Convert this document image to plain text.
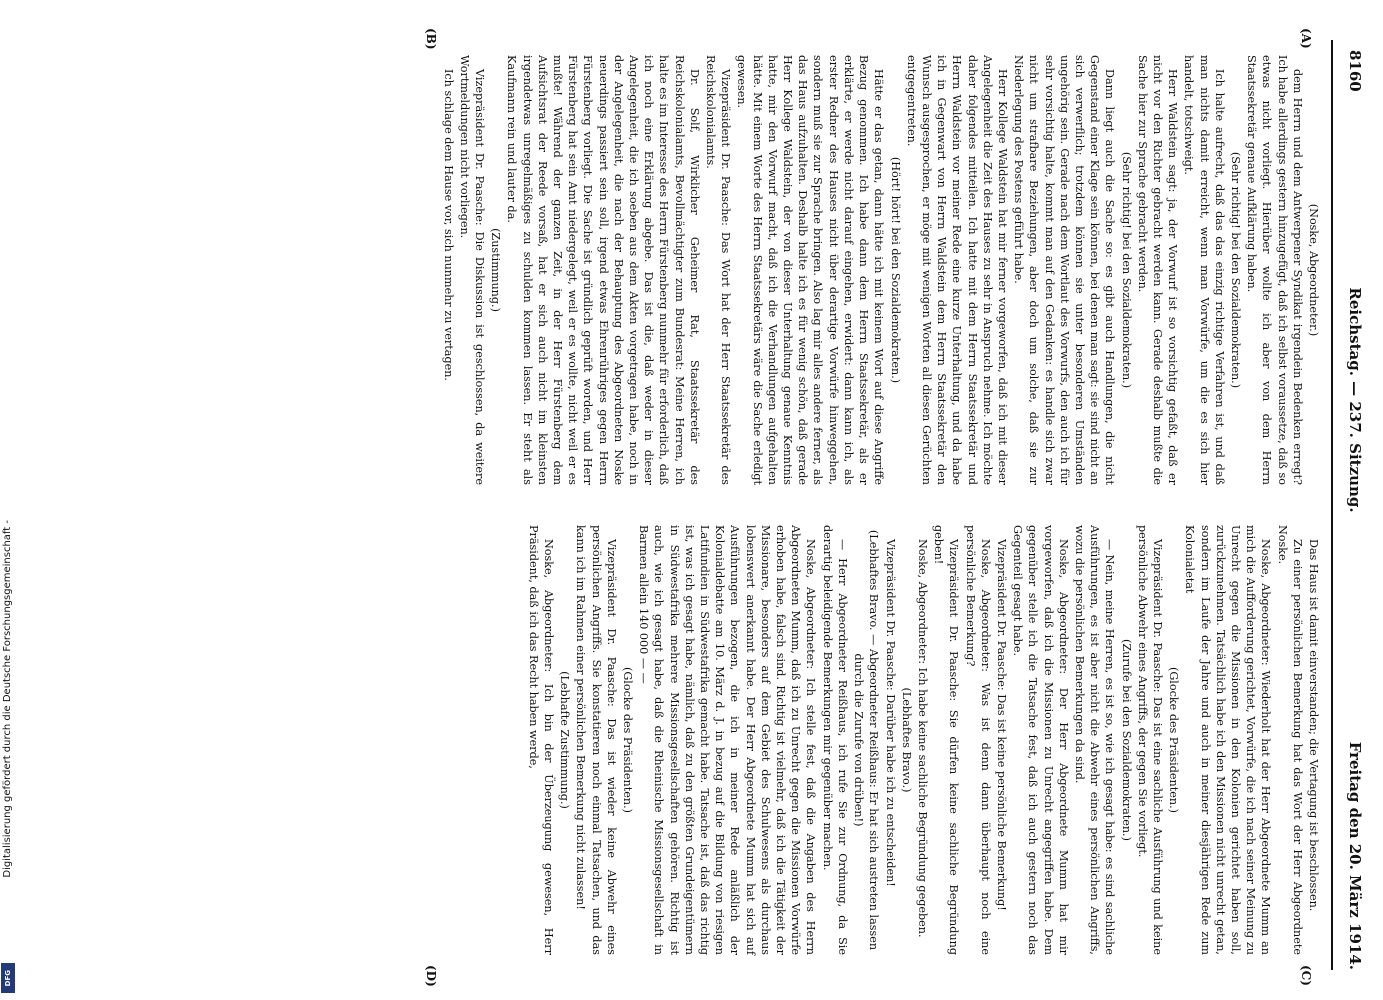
Digitalisierung gefördert durch die Deutsche Forschungsgemeinschaft -
DFG
8160
Reichstag. — 237. Sitzung.
Freitag den 20. März 1914.
(A)
(B)
(C)
(D)

(Noske, Abgeordneter.)

dem Herrn und dem Antwerpener Syndikat irgendein Bedenken erregt? Ich habe allerdings gestern hinzugefügt, daß ich selbst voraussetze, daß so etwas nicht vorliegt. Hierüber wollte ich aber von dem Herrn Staatssekretär genaue Aufklärung haben.

(Sehr richtig! bei den Sozialdemokraten.)

Ich halte aufrecht, daß das das einzig richtige Verfahren ist, und daß man nichts damit erreicht, wenn man Vorwürfe, um die es sich hier handelt, totschweigt.

Herr Waldstein sagt: ja, der Vorwurf ist so vorsichtig gefaßt, daß er nicht vor den Richter gebracht werden kann. Gerade deshalb mußte die Sache hier zur Sprache gebracht werden.

(Sehr richtig! bei den Sozialdemokraten.)

Dann liegt auch die Sache so: es gibt auch Handlungen, die nicht Gegenstand einer Klage sein können, bei denen man sagt: sie sind nicht an sich verwerflich; trotzdem können sie unter besonderen Umständen ungehörig sein. Gerade nach dem Wortlaut des Vorwurfs, den auch ich für sehr vorsichtig halte, kommt man auf den Gedanken: es handle sich zwar nicht um strafbare Beziehungen, aber doch um solche, daß sie zur Niederlegung des Postens geführt habe.

Herr Kollege Waldstein hat mir ferner vorgeworfen, daß ich mit dieser Angelegenheit die Zeit des Hauses zu sehr in Anspruch nehme. Ich möchte daher folgendes mitteilen. Ich hatte mit dem Herrn Staatssekretär und Herrn Waldstein vor meiner Rede eine kurze Unterhaltung, und da habe ich in Gegenwart von Herrn Waldstein dem Herrn Staatssekretär den Wunsch ausgesprochen, er möge mit wenigen Worten all diesen Gerüchten entgegentreten.

(Hört! hört! bei den Sozialdemokraten.)

Hätte er das getan, dann hätte ich mit keinem Wort auf diese Angriffe Bezug genommen. Ich habe dann dem Herrn Staatssekretär, als er erklärte, er werde nicht darauf eingehen, erwidert: dann kann ich, als erster Redner des Hauses nicht über derartige Vorwürfe hinweggehen, sondern muß sie zur Sprache bringen. Also lag mir alles andere ferner, als das Haus aufzuhalten. Deshalb halte ich es für wenig schön, daß gerade Herr Kollege Waldstein, der von dieser Unterhaltung genaue Kenntnis hatte, mir den Vorwurf macht, daß ich die Verhandlungen aufgehalten hätte. Mit einem Worte des Herrn Staatssekretärs wäre die Sache erledigt gewesen.

Vizepräsident Dr. Paasche: Das Wort hat der Herr Staatssekretär des Reichskolonialamts.

Dr. Solf, Wirklicher Geheimer Rat, Staatssekretär des Reichskolonialamts, Bevollmächtigter zum Bundesrat: Meine Herren, ich halte es im Interesse des Herrn Fürstenberg nunmehr für erforderlich, daß ich noch eine Erklärung abgebe. Das ist die, daß weder in dieser Angelegenheit, die ich soeben aus dem Akten vorgetragen habe, noch in der Angelegenheit, die nach der Behauptung des Abgeordneten Noske neuerdings passiert sein soll, irgend etwas Ehrenrühriges gegen Herrn Fürstenberg vorliegt. Die Sache ist gründlich geprüft worden, und Herr Fürstenberg hat sein Amt niedergelegt, weil er es wollte, nicht weil er es mußte! Während der ganzen Zeit, in der Herr Fürstenberg dem Aufsichtsrat der Reede vorsaß, hat er sich auch nicht im kleinsten irgendetwas unregelmäßiges zu schulden kommen lassen. Er steht als Kaufmann rein und lauter da.

(Zustimmung.)

Vizepräsident Dr. Paasche: Die Diskussion ist geschlossen, da weitere Wortmeldungen nicht vorliegen.

Ich schlage dem Hause vor, sich nunmehr zu vertagen.

Das Haus ist damit einverstanden; die Vertagung ist beschlossen.

Zu einer persönlichen Bemerkung hat das Wort der Herr Abgeordnete Noske.

Noske, Abgeordneter: Wiederholt hat der Herr Abgeordnete Mumm an mich die Aufforderung gerichtet, Vorwürfe, die ich nach seiner Meinung zu Unrecht gegen die Missionen in den Kolonien gerichtet haben soll, zurückzunehmen. Tatsächlich habe ich den Missionen nicht unrecht getan, sondern im Laufe der Jahre und auch in meiner diesjährigen Rede zum Kolonialetat

(Glocke des Präsidenten.)

Vizepräsident Dr. Paasche: Das ist eine sachliche Ausführung und keine persönliche Abwehr eines Angriffs, der gegen Sie vorliegt.

(Zurufe bei den Sozialdemokraten.)

— Nein, meine Herren, es ist so, wie ich gesagt habe: es sind sachliche Ausführungen, es ist aber nicht die Abwehr eines persönlichen Angriffs, wozu die persönlichen Bemerkungen da sind.

Noske, Abgeordneter: Der Herr Abgeordnete Mumm hat mir vorgeworfen, daß ich die Missionen zu Unrecht angegriffen habe. Dem gegenüber stelle ich die Tatsache fest, daß ich auch gestern noch das Gegenteil gesagt habe.

Vizepräsident Dr. Paasche: Das ist keine persönliche Bemerkung!

Noske, Abgeordneter: Was ist denn dann überhaupt noch eine persönliche Bemerkung?

Vizepräsident Dr. Paasche: Sie dürfen keine sachliche Begründung geben!

Noske, Abgeordneter: Ich habe keine sachliche Begründung gegeben.

(Lebhaftes Bravo.)

Vizepräsident Dr. Paasche: Darüber habe ich zu entscheiden!

(Lebhaftes Bravo. — Abgeordneter Reißhaus: Er hat sich austreten lassen durch die Zurufe von drüben!)

— Herr Abgeordneter Reißhaus, ich rufe Sie zur Ordnung, da Sie derartig beleidigende Bemerkungen mir gegenüber machen.

Noske, Abgeordneter: Ich stelle fest, daß die Angaben des Herrn Abgeordneten Mumm, daß ich zu Unrecht gegen die Missionen Vorwürfe erhoben habe, falsch sind. Richtig ist vielmehr, daß ich die Tätigkeit der Missionare, besonders auf dem Gebiet des Schulwesens als durchaus lobenswert anerkannt habe. Der Herr Abgeordnete Mumm hat sich auf Ausführungen bezogen, die ich in meiner Rede anläßlich der Kolonialdebatte am 10. März d. J. in bezug auf die Bildung von riesigen Latifundien in Südwestafrika gemacht habe. Tatsache ist, daß das richtig ist, was ich gesagt habe, nämlich, daß zu den größten Grundeigentümern in Südwestafrika mehrere Missionsgesellschaften gehören. Richtig ist auch, wie ich gesagt habe, daß die Rheinische Missionsgesellschaft in Barmen allein 140 000 — —

(Glocke des Präsidenten.)

Vizepräsident Dr. Paasche: Das ist wieder keine Abwehr eines persönlichen Angriffs. Sie konstatieren noch einmal Tatsachen, und das kann ich im Rahmen einer persönlichen Bemerkung nicht zulassen!

(Lebhafte Zustimmung.)

Noske, Abgeordneter: Ich bin der Überzeugung gewesen, Herr Präsident, daß ich das Recht haben werde,
